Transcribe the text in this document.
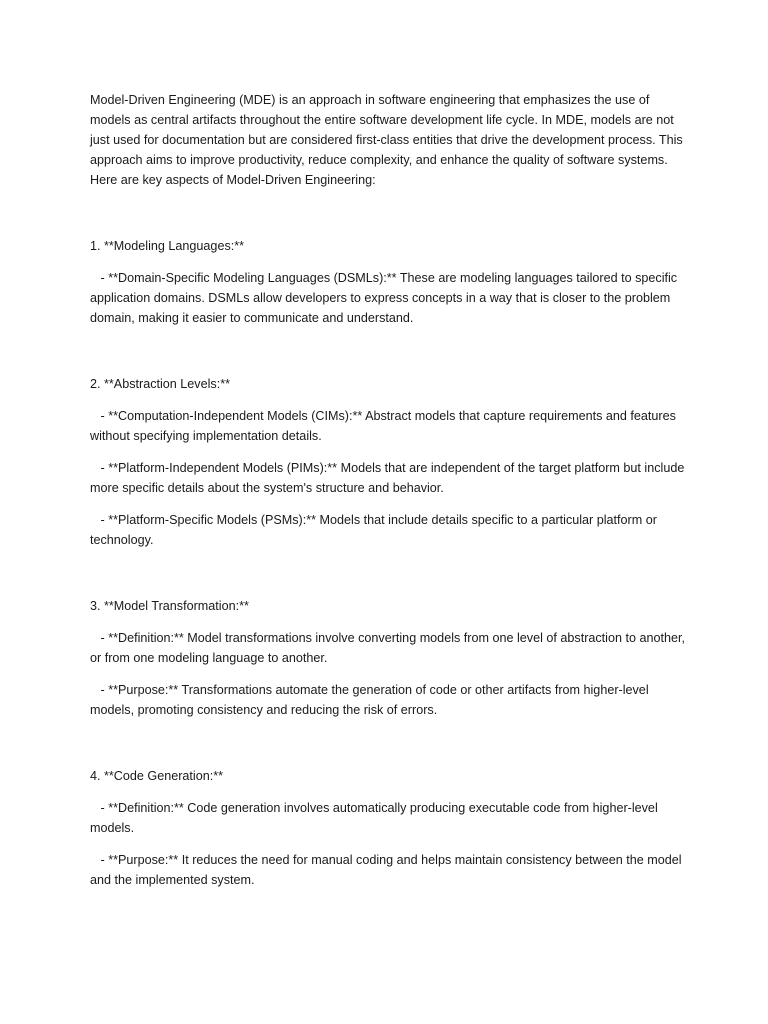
Model-Driven Engineering (MDE) is an approach in software engineering that emphasizes the use of models as central artifacts throughout the entire software development life cycle. In MDE, models are not just used for documentation but are considered first-class entities that drive the development process. This approach aims to improve productivity, reduce complexity, and enhance the quality of software systems. Here are key aspects of Model-Driven Engineering:

1. **Modeling Languages:**

- **Domain-Specific Modeling Languages (DSMLs):** These are modeling languages tailored to specific application domains. DSMLs allow developers to express concepts in a way that is closer to the problem domain, making it easier to communicate and understand.

2. **Abstraction Levels:**

- **Computation-Independent Models (CIMs):** Abstract models that capture requirements and features without specifying implementation details.

- **Platform-Independent Models (PIMs):** Models that are independent of the target platform but include more specific details about the system's structure and behavior.

- **Platform-Specific Models (PSMs):** Models that include details specific to a particular platform or technology.

3. **Model Transformation:**

- **Definition:** Model transformations involve converting models from one level of abstraction to another, or from one modeling language to another.

- **Purpose:** Transformations automate the generation of code or other artifacts from higher-level models, promoting consistency and reducing the risk of errors.

4. **Code Generation:**

- **Definition:** Code generation involves automatically producing executable code from higher-level models.

- **Purpose:** It reduces the need for manual coding and helps maintain consistency between the model and the implemented system.
